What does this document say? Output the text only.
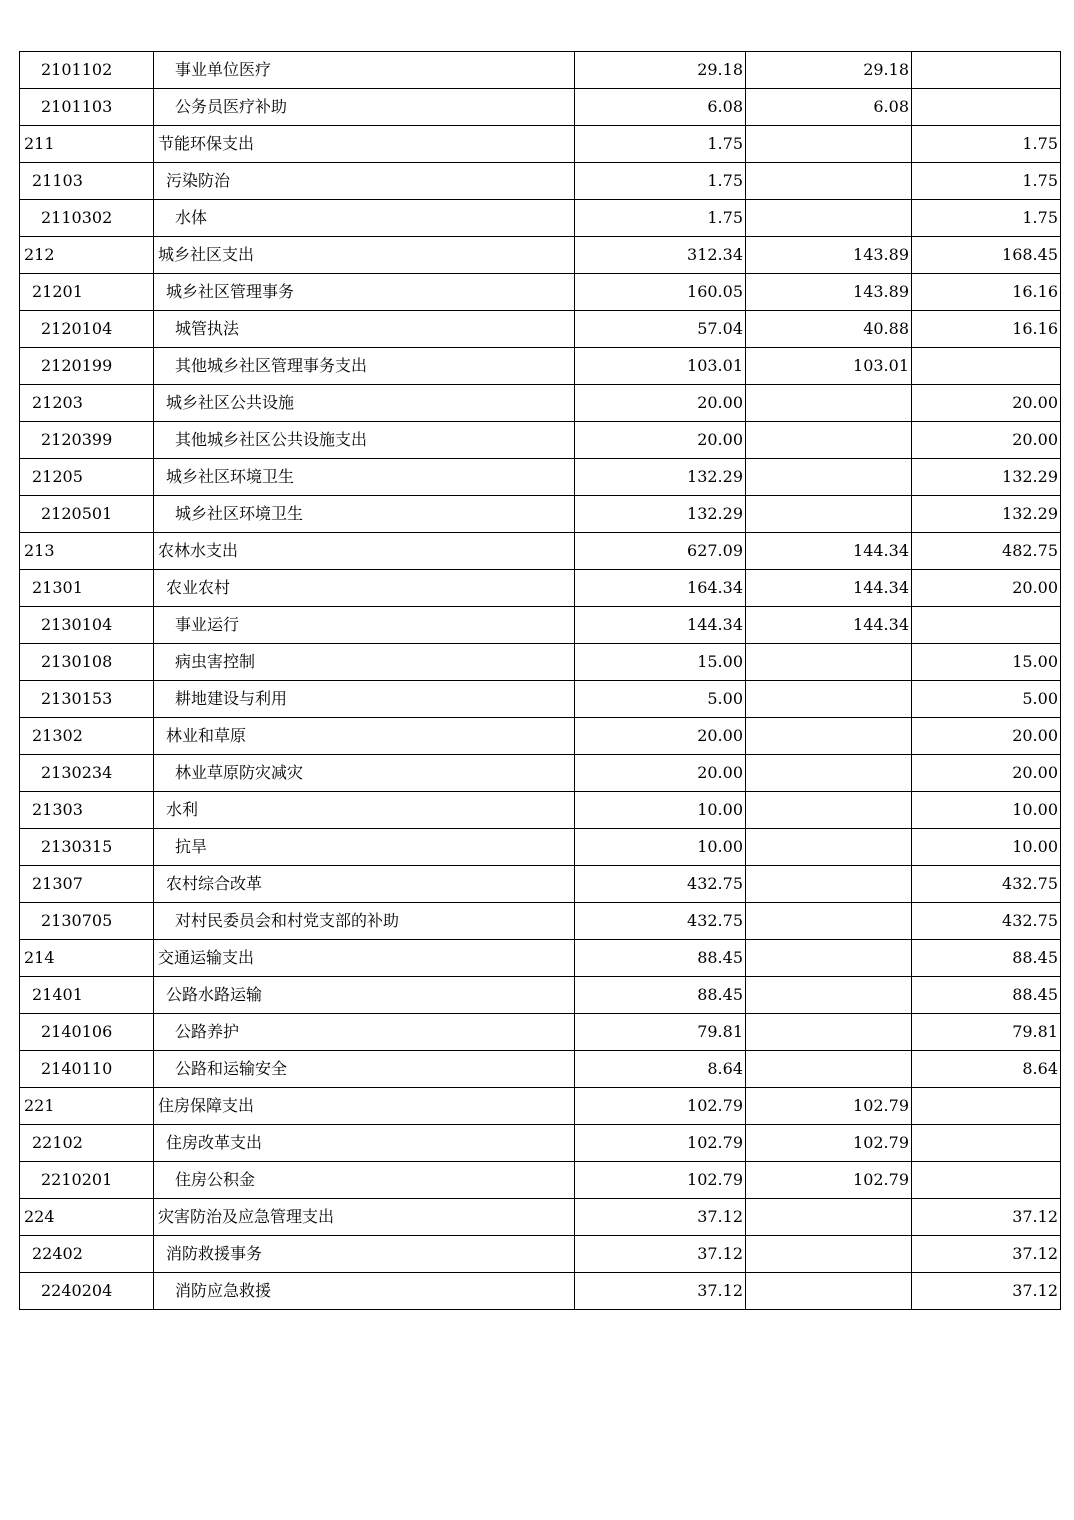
2101102	事业单位医疗	29.18	29.18	
2101103	公务员医疗补助	6.08	6.08	
211	节能环保支出	1.75		1.75
21103	污染防治	1.75		1.75
2110302	水体	1.75		1.75
212	城乡社区支出	312.34	143.89	168.45
21201	城乡社区管理事务	160.05	143.89	16.16
2120104	城管执法	57.04	40.88	16.16
2120199	其他城乡社区管理事务支出	103.01	103.01	
21203	城乡社区公共设施	20.00		20.00
2120399	其他城乡社区公共设施支出	20.00		20.00
21205	城乡社区环境卫生	132.29		132.29
2120501	城乡社区环境卫生	132.29		132.29
213	农林水支出	627.09	144.34	482.75
21301	农业农村	164.34	144.34	20.00
2130104	事业运行	144.34	144.34	
2130108	病虫害控制	15.00		15.00
2130153	耕地建设与利用	5.00		5.00
21302	林业和草原	20.00		20.00
2130234	林业草原防灾减灾	20.00		20.00
21303	水利	10.00		10.00
2130315	抗旱	10.00		10.00
21307	农村综合改革	432.75		432.75
2130705	对村民委员会和村党支部的补助	432.75		432.75
214	交通运输支出	88.45		88.45
21401	公路水路运输	88.45		88.45
2140106	公路养护	79.81		79.81
2140110	公路和运输安全	8.64		8.64
221	住房保障支出	102.79	102.79	
22102	住房改革支出	102.79	102.79	
2210201	住房公积金	102.79	102.79	
224	灾害防治及应急管理支出	37.12		37.12
22402	消防救援事务	37.12		37.12
2240204	消防应急救援	37.12		37.12
